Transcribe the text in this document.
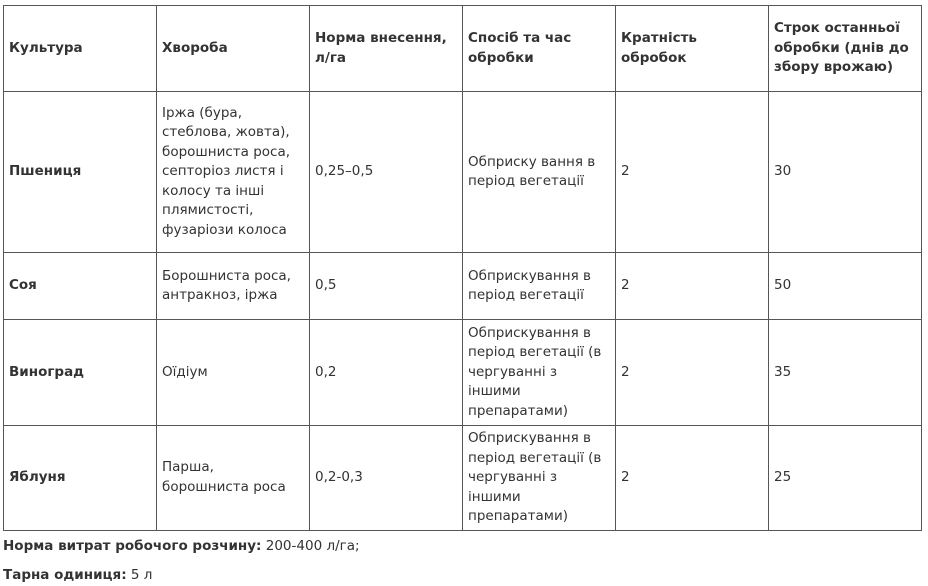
Культура	Хвороба	Норма внесення, л/га	Спосіб та час обробки	Кратність обробок	Строк останньої обробки (днів до збору врожаю)
Пшениця	Іржа (бура, стеблова, жовта), борошниста роса, септоріоз листя і колосу та інші плямистості, фузаріози колоса	0,25–0,5	Обприску вання в період вегетації	2	30
Соя	Борошниста роса, антракноз, іржа	0,5	Обприскування в період вегетації	2	50
Виноград	Оїдіум	0,2	Обприскування в період вегетації (в чергуванні з іншими препаратами)	2	35
Яблуня	Парша, борошниста роса	0,2-0,3	Обприскування в період вегетації (в чергуванні з іншими препаратами)	2	25
Норма витрат робочого розчину: 200-400 л/га;
Тарна одиниця: 5 л
